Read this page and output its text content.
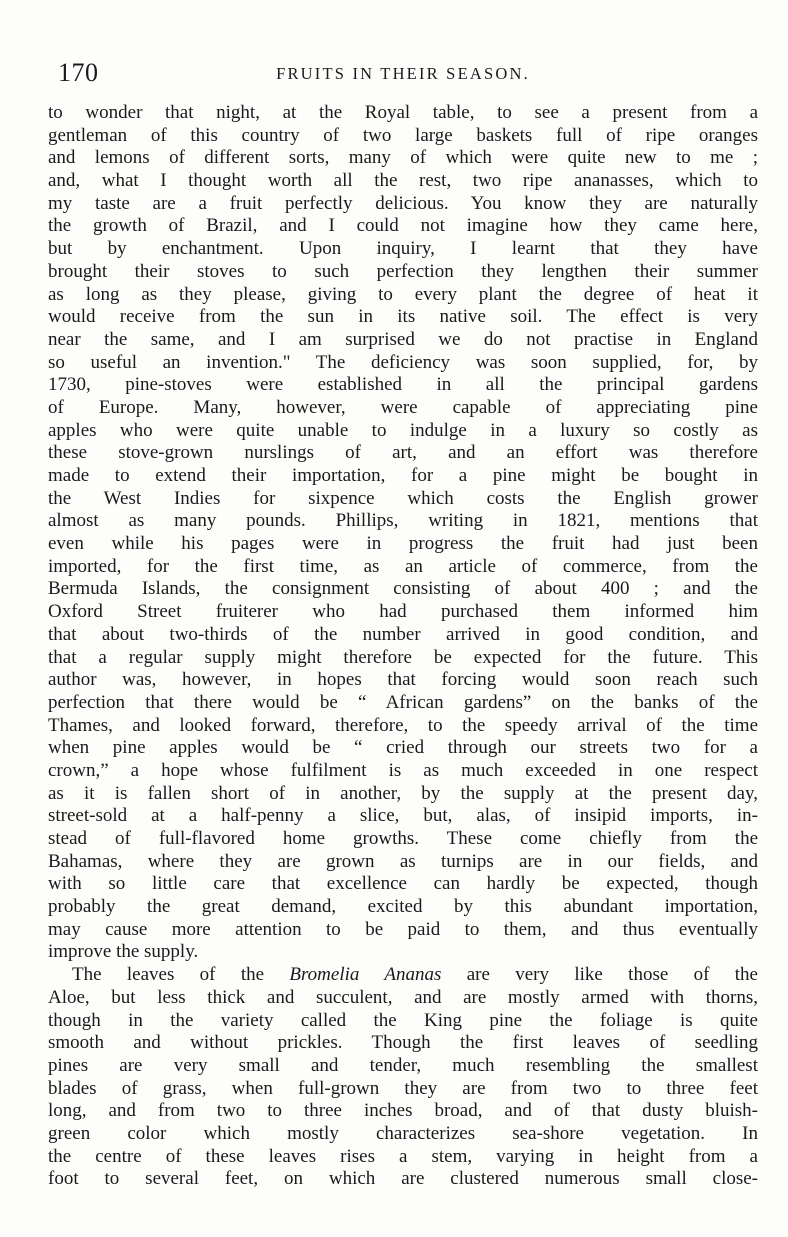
170	FRUITS IN THEIR SEASON.
to wonder that night, at the Royal table, to see a present from a
gentleman of this country of two large baskets full of ripe oranges
and lemons of different sorts, many of which were quite new to me ;
and, what I thought worth all the rest, two ripe ananasses, which to
my taste are a fruit perfectly delicious. You know they are naturally
the growth of Brazil, and I could not imagine how they came here,
but by enchantment. Upon inquiry, I learnt that they have
brought their stoves to such perfection they lengthen their summer
as long as they please, giving to every plant the degree of heat it
would receive from the sun in its native soil. The effect is very
near the same, and I am surprised we do not practise in England
so useful an invention." The deficiency was soon supplied, for, by
1730, pine-stoves were established in all the principal gardens
of Europe. Many, however, were capable of appreciating pine
apples who were quite unable to indulge in a luxury so costly as
these stove-grown nurslings of art, and an effort was therefore
made to extend their importation, for a pine might be bought in
the West Indies for sixpence which costs the English grower
almost as many pounds. Phillips, writing in 1821, mentions that
even while his pages were in progress the fruit had just been
imported, for the first time, as an article of commerce, from the
Bermuda Islands, the consignment consisting of about 400 ; and the
Oxford Street fruiterer who had purchased them informed him
that about two-thirds of the number arrived in good condition, and
that a regular supply might therefore be expected for the future. This
author was, however, in hopes that forcing would soon reach such
perfection that there would be “ African gardens” on the banks of the
Thames, and looked forward, therefore, to the speedy arrival of the time
when pine apples would be “ cried through our streets two for a
crown,” a hope whose fulfilment is as much exceeded in one respect
as it is fallen short of in another, by the supply at the present day,
street-sold at a half-penny a slice, but, alas, of insipid imports, in-
stead of full-flavored home growths. These come chiefly from the
Bahamas, where they are grown as turnips are in our fields, and
with so little care that excellence can hardly be expected, though
probably the great demand, excited by this abundant importation,
may cause more attention to be paid to them, and thus eventually
improve the supply.
The leaves of the Bromelia Ananas are very like those of the
Aloe, but less thick and succulent, and are mostly armed with thorns,
though in the variety called the King pine the foliage is quite
smooth and without prickles. Though the first leaves of seedling
pines are very small and tender, much resembling the smallest
blades of grass, when full-grown they are from two to three feet
long, and from two to three inches broad, and of that dusty bluish-
green color which mostly characterizes sea-shore vegetation. In
the centre of these leaves rises a stem, varying in height from a
foot to several feet, on which are clustered numerous small close-
